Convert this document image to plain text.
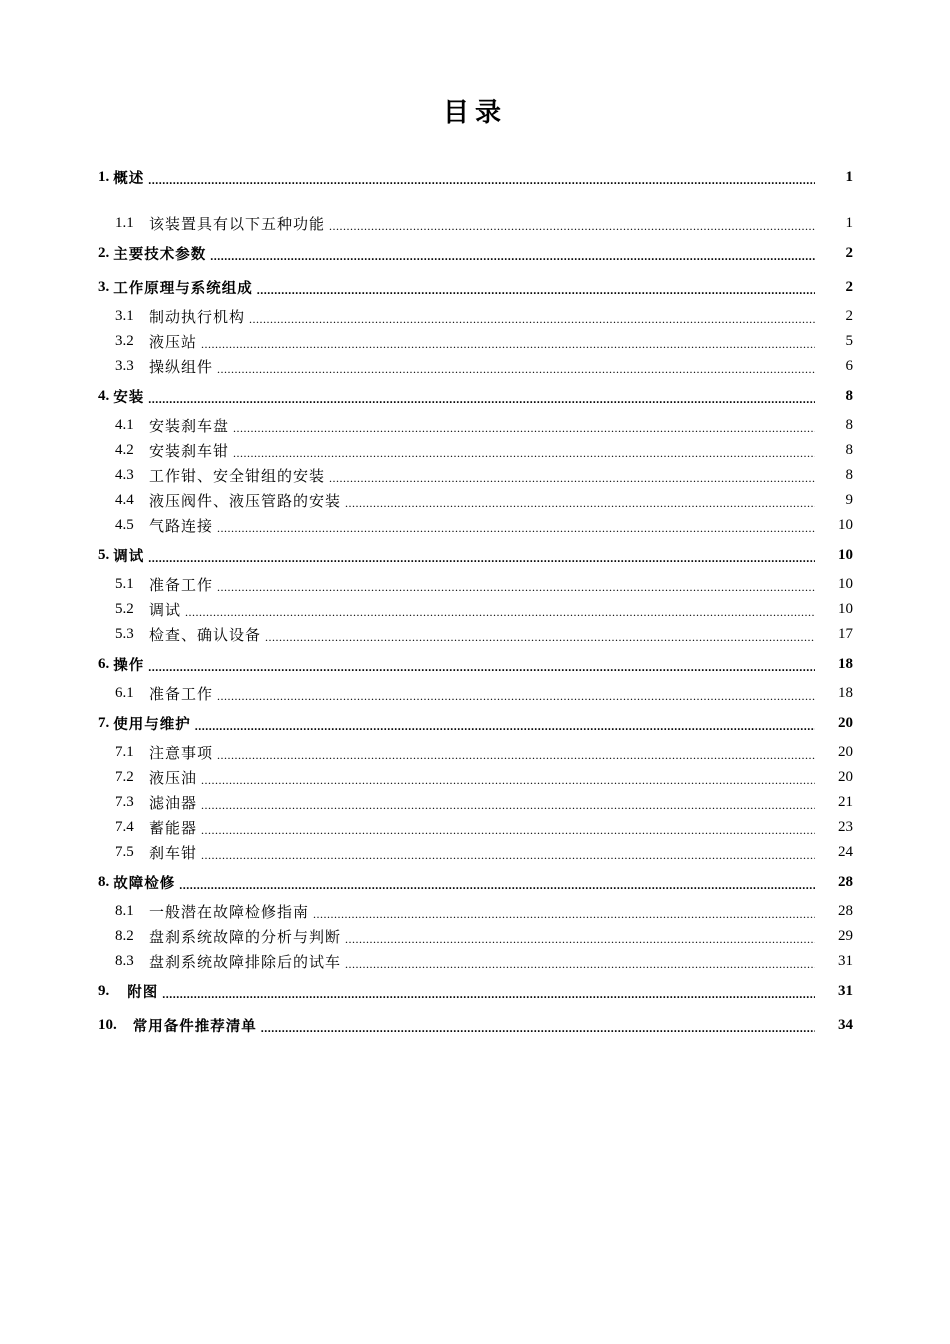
目录
1. 概述 .....	1
1.1	该装置具有以下五种功能 .....	1
2. 主要技术参数 .....	2
3. 工作原理与系统组成 .....	2
3.1	制动执行机构 .....	2
3.2	液压站 .....	5
3.3	操纵组件 .....	6
4. 安装 .....	8
4.1	安装刹车盘 .....	8
4.2	安装刹车钳 .....	8
4.3	工作钳、安全钳组的安装 .....	8
4.4	液压阀件、液压管路的安装 .....	9
4.5	气路连接 .....	10
5. 调试 .....	10
5.1	准备工作 .....	10
5.2	调试 .....	10
5.3	检查、确认设备 .....	17
6. 操作 .....	18
6.1	准备工作 .....	18
7. 使用与维护 .....	20
7.1	注意事项 .....	20
7.2	液压油 .....	20
7.3	滤油器 .....	21
7.4	蓄能器 .....	23
7.5	刹车钳 .....	24
8. 故障检修 .....	28
8.1	一般潜在故障检修指南 .....	28
8.2	盘刹系统故障的分析与判断 .....	29
8.3	盘刹系统故障排除后的试车 .....	31
9. 附图 .....	31
10. 常用备件推荐清单 .....	34
